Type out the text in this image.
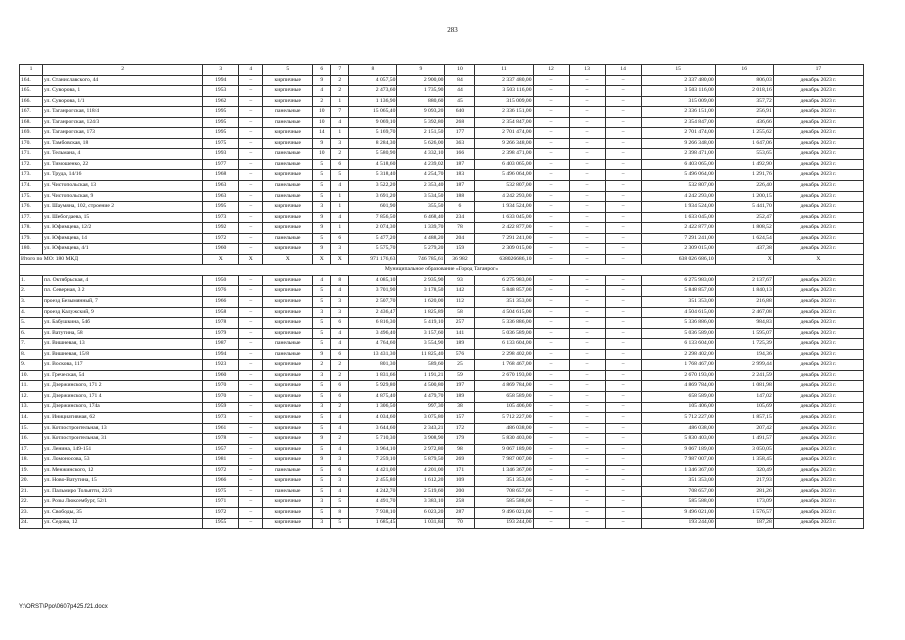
283
1	2	3	4	5	6	7	8	9	10	11	12	13	14	15	16	17
164.	ул. Станиславского, 44	1994	–	кирпичные	9	2	4 057,50	2 900,00	84	2 337 480,00	–	–	–	2 337 480,00	806,03	декабрь 2023 г.
165.	ул. Суворова, 1	1953	–	кирпичные	4	2	2 473,60	1 735,90	44	3 503 116,00	–	–	–	3 503 116,00	2 018,16	декабрь 2023 г.
166.	ул. Суворова, 1/1	1962	–	кирпичные	2	1	1 136,90	880,60	45	315 009,00	–	–	–	315 009,00	357,72	декабрь 2023 г.
167.	ул. Таганрогская, 118/4	1995	–	панельные	10	7	15 065,40	9 093,20	640	2 336 151,00	–	–	–	2 336 151,00	256,91	декабрь 2023 г.
168.	ул. Таганрогская, 124/3	1995	–	панельные	10	4	9 069,10	5 392,80	268	2 354 847,00	–	–	–	2 354 847,00	436,66	декабрь 2023 г.
169.	ул. Таганрогская, 173	1995	–	кирпичные	14	1	5 169,70	2 151,50	177	2 701 474,00	–	–	–	2 701 474,00	1 255,62	декабрь 2023 г.
170.	ул. Тамбовская, 18	1975	–	кирпичные	9	3	8 284,30	5 626,00	363	9 266 348,00	–	–	–	9 266 348,00	1 647,06	декабрь 2023 г.
171.	ул. Тельмана, 4	1993	–	панельные	10	2	5 580,90	4 332,10	166	2 398 471,00	–	–	–	2 398 471,00	553,65	декабрь 2023 г.
172.	ул. Тимошенко, 22	1977	–	панельные	5	6	4 518,60	4 239,02	187	6 403 065,00	–	–	–	6 403 065,00	1 492,90	декабрь 2023 г.
173.	ул. Труда, 14/16	1968	–	кирпичные	5	5	5 318,40	4 254,70	183	5 496 064,00	–	–	–	5 496 064,00	1 291,76	декабрь 2023 г.
174.	ул. Чистопольская, 13	1963	–	панельные	5	4	3 522,20	2 353,40	187	532 807,00	–	–	–	532 807,00	226,40	декабрь 2023 г.
175.	ул. Чистопольская, 9	1963	–	панельные	5	1	3 691,20	3 534,50	188	4 242 293,00	–	–	–	4 242 293,00	1 200,15	декабрь 2023 г.
176.	ул. Шаумяна, 102, строение 2	1995	–	кирпичные	3	1	601,90	355,50	6	1 934 524,00	–	–	–	1 934 524,00	5 441,70	декабрь 2023 г.
177.	ул. Шебогдаева, 15	1973	–	кирпичные	9	4	7 856,50	6 468,40	234	1 633 045,00	–	–	–	1 633 045,00	252,47	декабрь 2023 г.
178.	ул. Юфимцева, 12/2	1992	–	кирпичные	9	1	2 074,30	1 339,70	78	2 422 877,00	–	–	–	2 422 877,00	1 808,52	декабрь 2023 г.
179.	ул. Юфимцева, 14	1972	–	панельные	5	6	5 477,20	4 488,20	204	7 291 241,00	–	–	–	7 291 241,00	1 624,54	декабрь 2023 г.
180.	ул. Юфимцева, 4/1	1960	–	кирпичные	9	3	5 575,70	5 279,20	159	2 309 015,00	–	–	–	2 309 015,00	437,38	декабрь 2023 г.
Итого по МО: 180 МКД		X	X	X	X	X	971 176,63	746 785,61	36 982	638026686,10	–	–	–	638 026 686,10	X	X
Муниципальное образование «Город Таганрог»																
1.	пл. Октябрьская, 4	1950	–	кирпичные	4	8	4 085,10	2 935,90	93	6 275 983,00	–	–	–	6 275 983,00	2 137,67	декабрь 2023 г.
2.	пл. Северная, 3 2	1976	–	кирпичные	5	4	3 701,90	3 178,50	142	5 848 857,00	–	–	–	5 848 857,00	1 840,13	декабрь 2023 г.
3.	проезд Безымянный, 7	1966	–	кирпичные	5	3	2 507,70	1 620,00	112	351 353,00	–	–	–	351 353,00	216,88	декабрь 2023 г.
4.	проезд Калужский, 9	1958	–	кирпичные	3	3	2 436,47	1 825,89	58	4 504 615,00	–	–	–	4 504 615,00	2 467,08	декабрь 2023 г.
5.	ул. Бабушкина, 54б	1978	–	кирпичные	5	6	6 816,30	5 419,10	257	5 336 886,00	–	–	–	5 336 886,00	984,83	декабрь 2023 г.
6.	ул. Ватутина, 58	1979	–	кирпичные	5	4	3 496,40	3 157,60	141	5 036 589,00	–	–	–	5 036 589,00	1 595,07	декабрь 2023 г.
7.	ул. Вишневая, 13	1987	–	панельные	5	4	4 764,60	3 554,90	189	6 133 604,00	–	–	–	6 133 604,00	1 725,39	декабрь 2023 г.
8.	ул. Вишневая, 15/8	1994	–	панельные	9	6	13 431,30	11 825,40	576	2 298 402,00	–	–	–	2 298 402,00	194,36	декабрь 2023 г.
9.	ул. Воскова, 117	1923	–	кирпичные	2	2	801,30	589,60	25	1 768 467,00	–	–	–	1 768 467,00	2 999,44	декабрь 2023 г.
10.	ул. Греческая, 54	1960	–	кирпичные	3	2	1 831,66	1 191,21	59	2 670 193,00	–	–	–	2 670 193,00	2 241,59	декабрь 2023 г.
11.	ул. Дзержинского, 171 2	1970	–	кирпичные	5	6	5 929,80	4 500,80	197	4 869 784,00	–	–	–	4 869 784,00	1 081,98	декабрь 2023 г.
12.	ул. Дзержинского, 171 4	1970	–	кирпичные	5	6	4 875,40	4 479,70	189	658 589,00	–	–	–	658 589,00	147,02	декабрь 2023 г.
13.	ул. Дзержинского, 174а	1959	–	кирпичные	3	2	1 306,50	997,30	38	105 406,00	–	–	–	105 406,00	105,69	декабрь 2023 г.
14.	ул. Инициативная, 62	1973	–	кирпичные	5	4	4 034,60	3 075,80	157	5 712 227,00	–	–	–	5 712 227,00	1 857,15	декабрь 2023 г.
15.	ул. Котлостроительная, 13	1961	–	кирпичные	5	4	3 644,60	2 343,21	172	486 038,00	–	–	–	486 038,00	207,42	декабрь 2023 г.
16.	ул. Котлостроительная, 31	1978	–	кирпичные	9	2	5 710,30	3 908,90	179	5 830 403,00	–	–	–	5 830 403,00	1 491,57	декабрь 2023 г.
17.	ул. Ленина, 149-151	1957	–	кирпичные	5	4	3 964,10	2 972,80	98	9 067 189,00	–	–	–	9 067 189,00	3 050,05	декабрь 2023 г.
18.	ул. Ломоносова, 53	1981	–	кирпичные	9	3	7 259,10	5 879,50	269	7 987 007,00	–	–	–	7 987 007,00	1 358,45	декабрь 2023 г.
19.	ул. Менжинского, 12	1972	–	панельные	5	6	4 421,00	4 201,00	171	1 346 367,00	–	–	–	1 346 367,00	320,49	декабрь 2023 г.
20.	ул. Ново-Ватутина, 15	1966	–	кирпичные	5	3	2 455,80	1 612,20	109	351 353,00	–	–	–	351 353,00	217,93	декабрь 2023 г.
21.	ул. Пальмиро Тольятти, 22/3	1975	–	панельные	5	4	4 242,70	2 519,60	200	708 657,00	–	–	–	708 657,00	281,26	декабрь 2023 г.
22.	ул. Розы Люксембург, 52/1	1971	–	кирпичные	3	5	4 491,70	3 383,10	258	585 588,00	–	–	–	585 588,00	173,09	декабрь 2023 г.
23.	ул. Свободы, 35	1972	–	кирпичные	5	8	7 938,10	6 023,20	287	9 496 021,00	–	–	–	9 496 021,00	1 576,57	декабрь 2023 г.
24.	ул. Седова, 12	1955	–	кирпичные	3	5	1 685,45	1 031,84	70	193 244,00	–	–	–	193 244,00	187,28	декабрь 2023 г.
Y:\ORST\Ppo\0607p425.f21.docx
